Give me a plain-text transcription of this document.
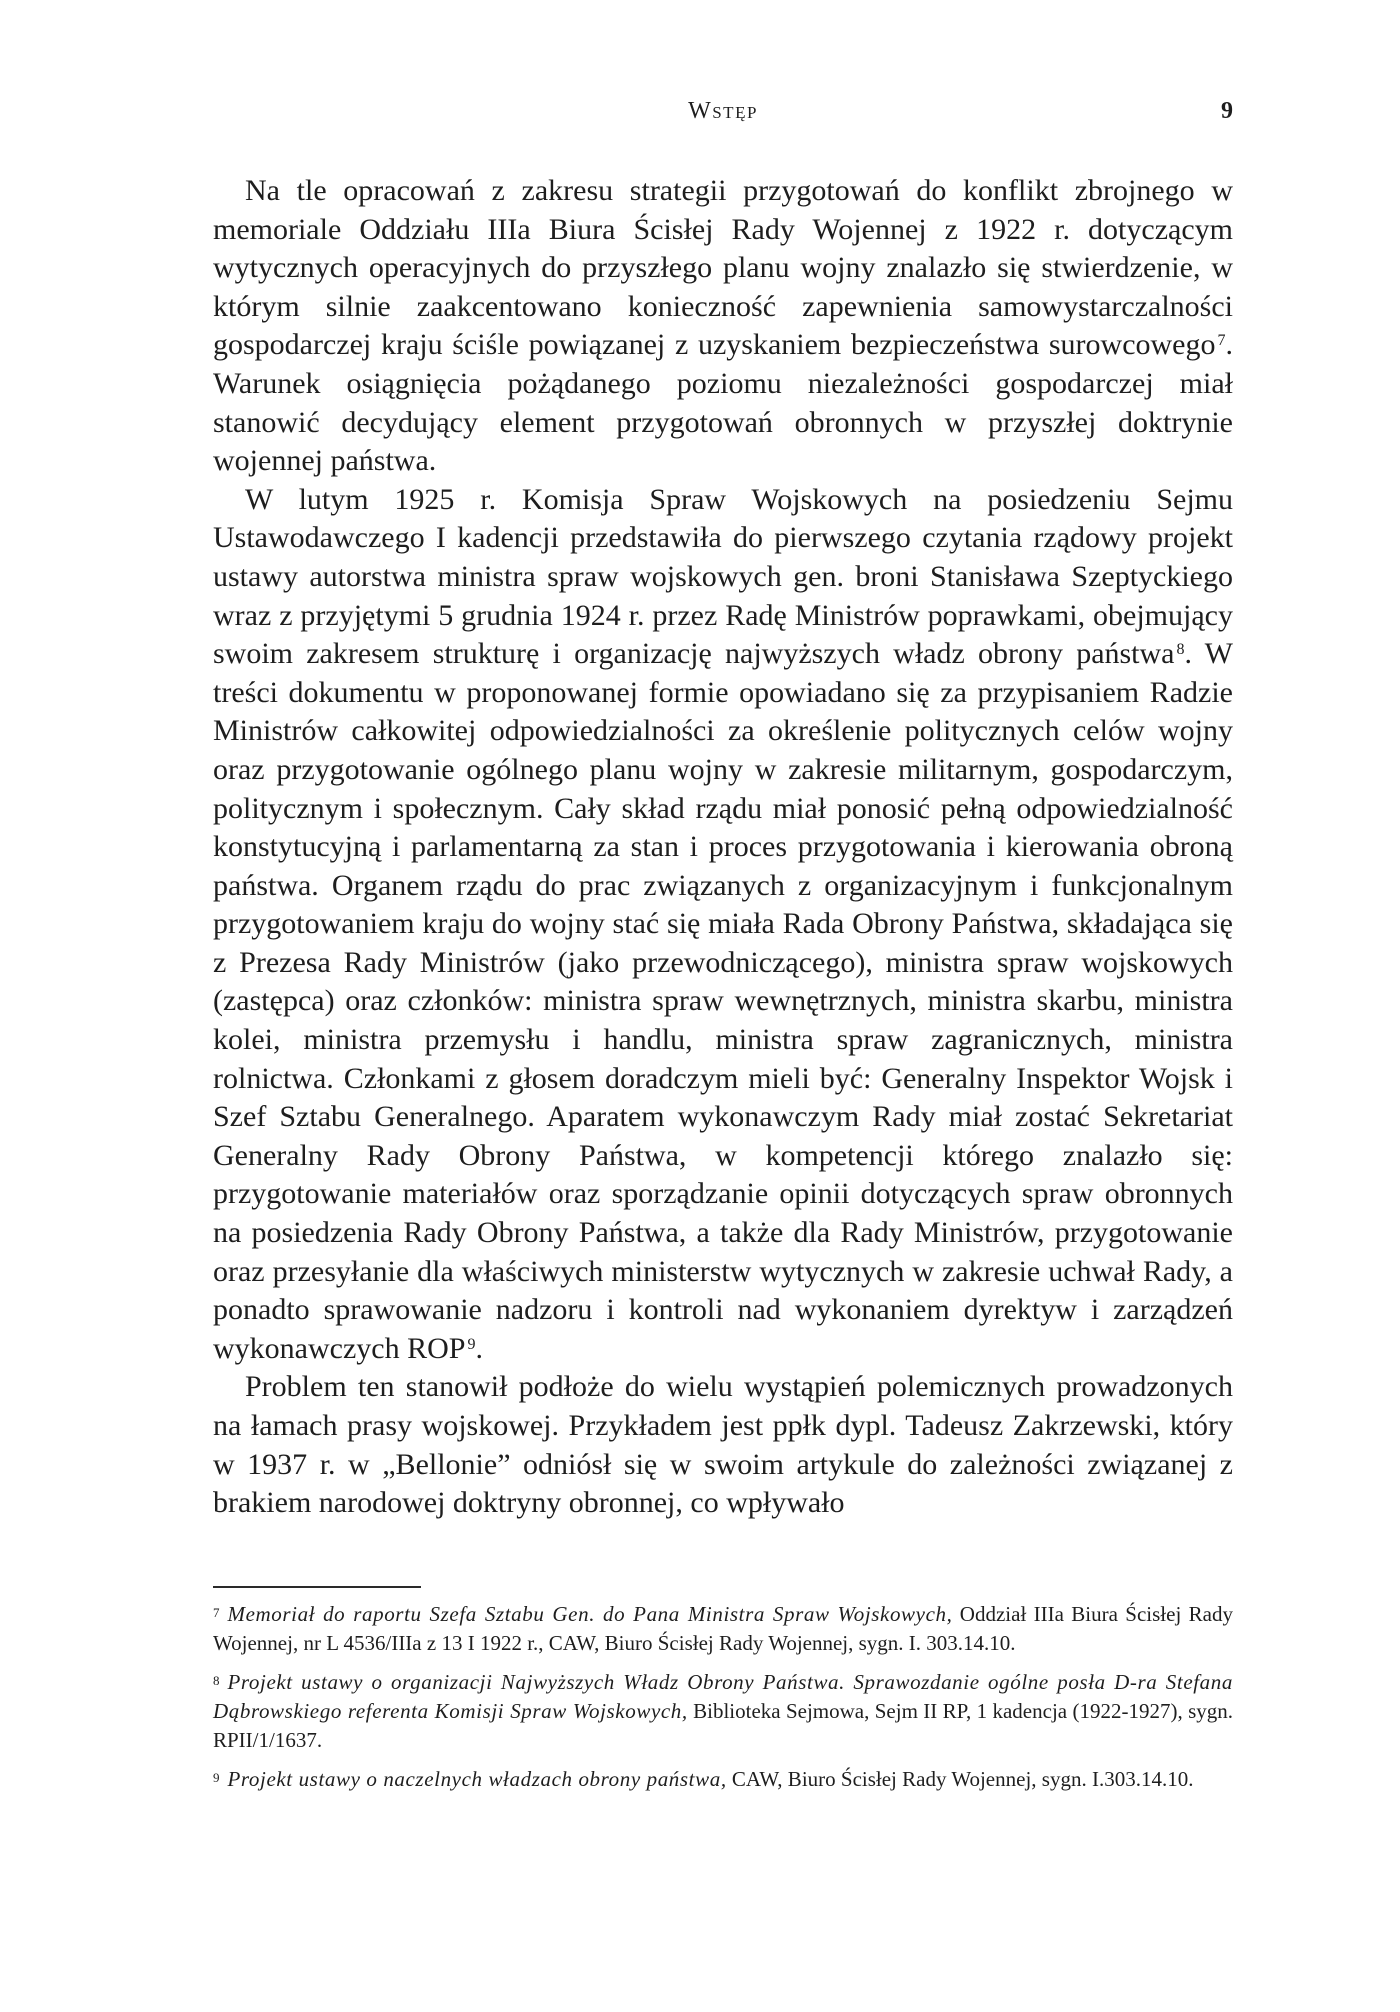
Wstęp	9

Na tle opracowań z zakresu strategii przygotowań do konflikt zbrojnego w memoriale Oddziału IIIa Biura Ścisłej Rady Wojennej z 1922 r. dotyczącym wytycznych operacyjnych do przyszłego planu wojny znalazło się stwierdzenie, w którym silnie zaakcentowano konieczność zapewnienia samowystarczalności gospodarczej kraju ściśle powiązanej z uzyskaniem bezpieczeństwa surowcowego $^7$. Warunek osiągnięcia pożądanego poziomu niezależności gospodarczej miał stanowić decydujący element przygotowań obronnych w przyszłej doktrynie wojennej państwa.

W lutym 1925 r. Komisja Spraw Wojskowych na posiedzeniu Sejmu Ustawodawczego I kadencji przedstawiła do pierwszego czytania rządowy projekt ustawy autorstwa ministra spraw wojskowych gen. broni Stanisława Szeptyckiego wraz z przyjętymi 5 grudnia 1924 r. przez Radę Ministrów poprawkami, obejmujący swoim zakresem strukturę i organizację najwyższych władz obrony państwa $^8$. W treści dokumentu w proponowanej formie opowiadano się za przypisaniem Radzie Ministrów całkowitej odpowiedzialności za określenie politycznych celów wojny oraz przygotowanie ogólnego planu wojny w zakresie militarnym, gospodarczym, politycznym i społecznym. Cały skład rządu miał ponosić pełną odpowiedzialność konstytucyjną i parlamentarną za stan i proces przygotowania i kierowania obroną państwa. Organem rządu do prac związanych z organizacyjnym i funkcjonalnym przygotowaniem kraju do wojny stać się miała Rada Obrony Państwa, składająca się z Prezesa Rady Ministrów (jako przewodniczącego), ministra spraw wojskowych (zastępca) oraz członków: ministra spraw wewnętrznych, ministra skarbu, ministra kolei, ministra przemysłu i handlu, ministra spraw zagranicznych, ministra rolnictwa. Członkami z głosem doradczym mieli być: Generalny Inspektor Wojsk i Szef Sztabu Generalnego. Aparatem wykonawczym Rady miał zostać Sekretariat Generalny Rady Obrony Państwa, w kompetencji którego znalazło się: przygotowanie materiałów oraz sporządzanie opinii dotyczących spraw obronnych na posiedzenia Rady Obrony Państwa, a także dla Rady Ministrów, przygotowanie oraz przesyłanie dla właściwych ministerstw wytycznych w zakresie uchwał Rady, a ponadto sprawowanie nadzoru i kontroli nad wykonaniem dyrektyw i zarządzeń wykonawczych ROP $^9$.

Problem ten stanowił podłoże do wielu wystąpień polemicznych prowadzonych na łamach prasy wojskowej. Przykładem jest ppłk dypl. Tadeusz Zakrzewski, który w 1937 r. w „Bellonie” odniósł się w swoim artykule do zależności związanej z brakiem narodowej doktryny obronnej, co wpływało

$^7$ Memoriał do raportu Szefa Sztabu Gen. do Pana Ministra Spraw Wojskowych, Oddział IIIa Biura Ścisłej Rady Wojennej, nr L 4536/IIIa z 13 I 1922 r., CAW, Biuro Ścisłej Rady Wojennej, sygn. I. 303.14.10.

$^8$ Projekt ustawy o organizacji Najwyższych Władz Obrony Państwa. Sprawozdanie ogólne posła D-ra Stefana Dąbrowskiego referenta Komisji Spraw Wojskowych, Biblioteka Sejmowa, Sejm II RP, 1 kadencja (1922-1927), sygn. RPII/1/1637.

$^9$ Projekt ustawy o naczelnych władzach obrony państwa, CAW, Biuro Ścisłej Rady Wojennej, sygn. I.303.14.10.
